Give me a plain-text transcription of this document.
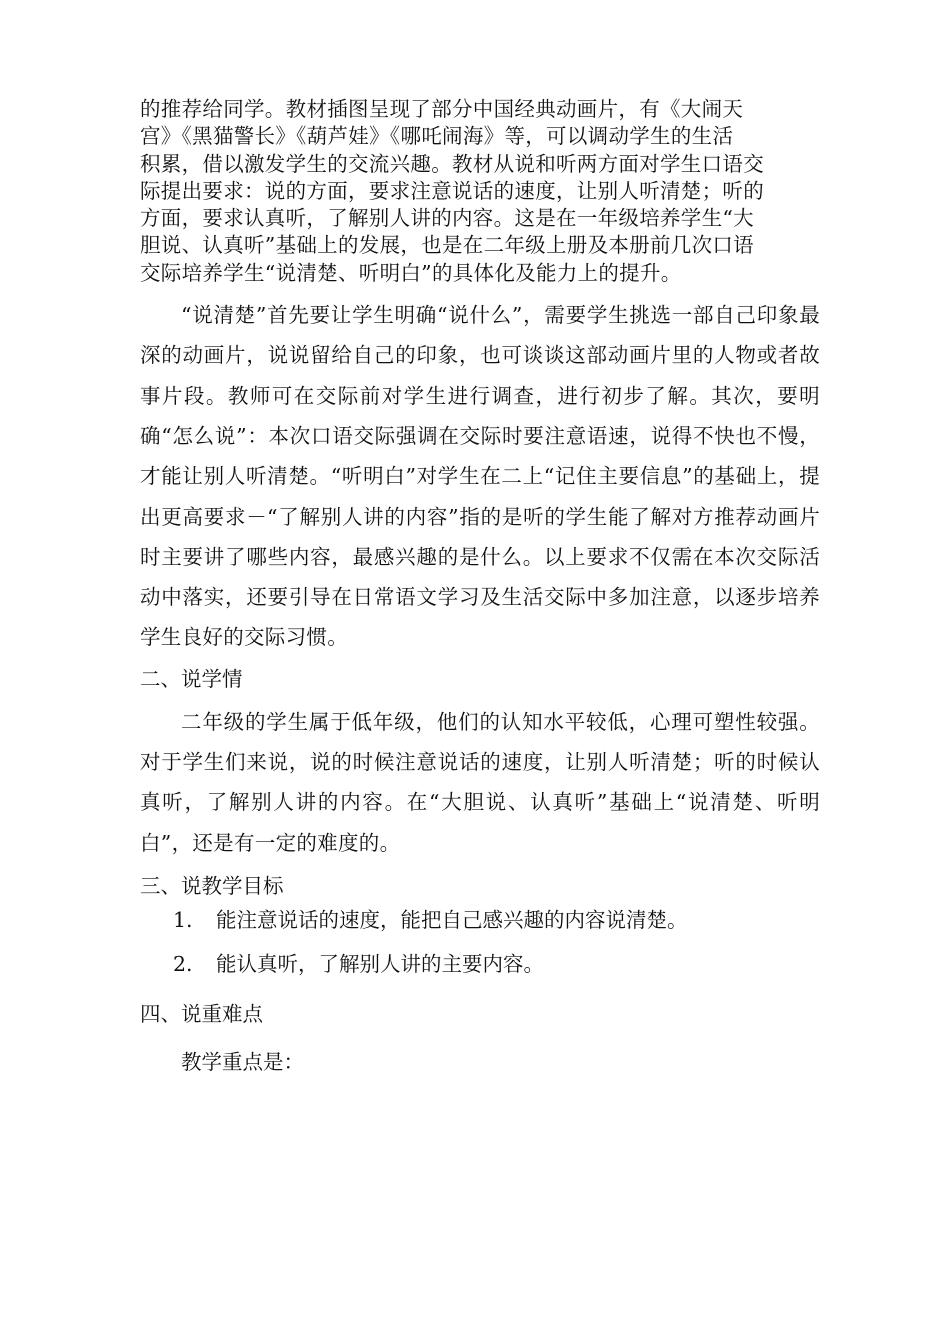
的推荐给同学。教材插图呈现了部分中国经典动画片，有《大闹天

宫》《黑猫警长》《葫芦娃》《哪吒闹海》等，可以调动学生的生活

积累，借以激发学生的交流兴趣。教材从说和听两方面对学生口语交

际提出要求：说的方面，要求注意说话的速度，让别人听清楚；听的

方面，要求认真听，了解别人讲的内容。这是在一年级培养学生“大

胆说、认真听”基础上的发展，也是在二年级上册及本册前几次口语

交际培养学生“说清楚、听明白”的具体化及能力上的提升。

“说清楚”首先要让学生明确“说什么”，需要学生挑选一部自己印象最深的动画片，说说留给自己的印象，也可谈谈这部动画片里的人物或者故事片段。教师可在交际前对学生进行调查，进行初步了解。其次，要明确“怎么说”：本次口语交际强调在交际时要注意语速，说得不快也不慢，才能让别人听清楚。“听明白”对学生在二上“记住主要信息”的基础上，提出更高要求－“了解别人讲的内容”指的是听的学生能了解对方推荐动画片时主要讲了哪些内容，最感兴趣的是什么。以上要求不仅需在本次交际活动中落实，还要引导在日常语文学习及生活交际中多加注意，以逐步培养学生良好的交际习惯。

二、说学情

二年级的学生属于低年级，他们的认知水平较低，心理可塑性较强。对于学生们来说，说的时候注意说话的速度，让别人听清楚；听的时候认真听，了解别人讲的内容。在“大胆说、认真听”基础上“说清楚、听明白”，还是有一定的难度的。

三、说教学目标

1.	能注意说话的速度，能把自己感兴趣的内容说清楚。
2.	能认真听，了解别人讲的主要内容。

四、说重难点

教学重点是：
